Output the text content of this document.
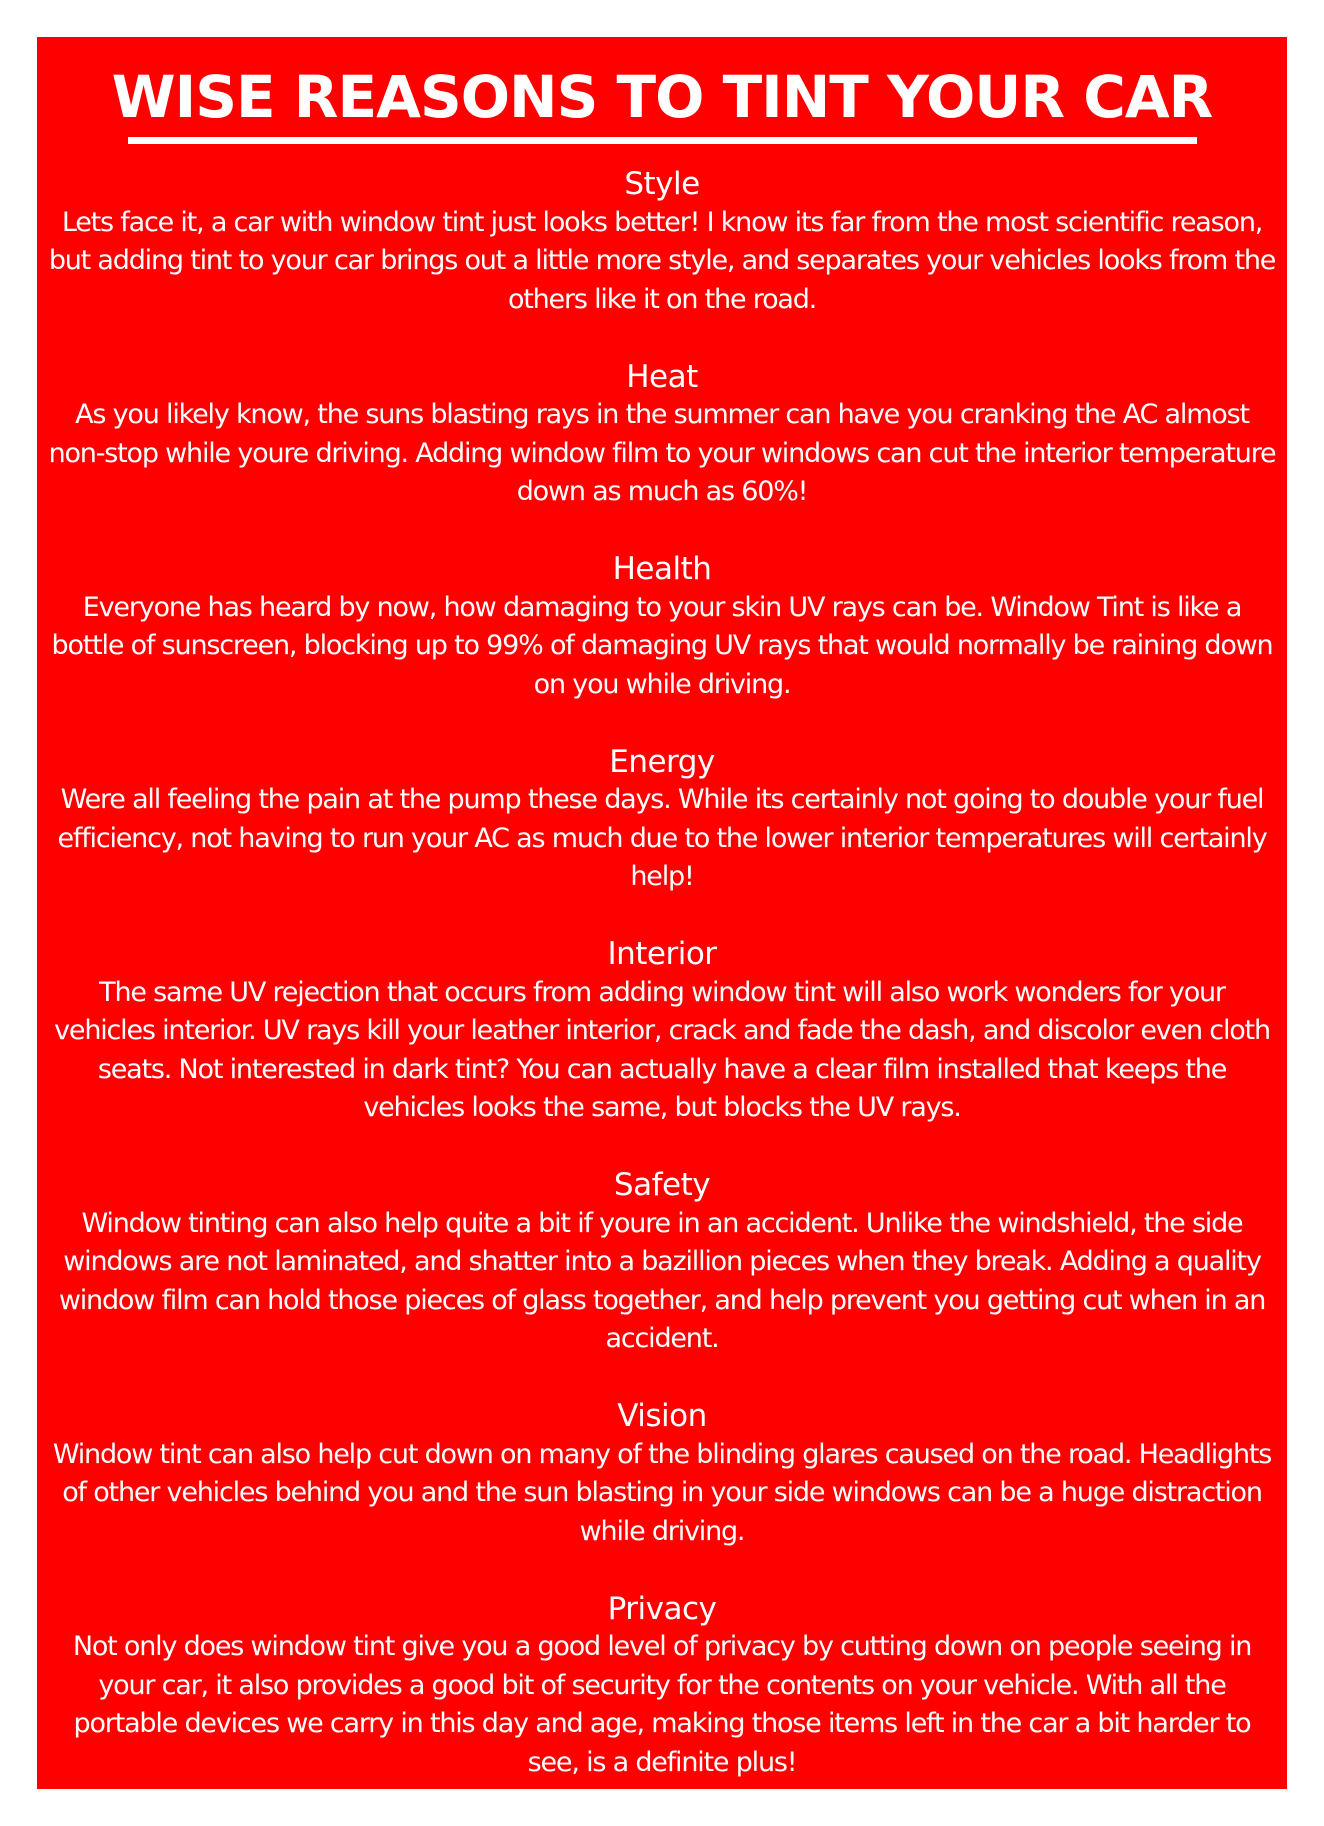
WISE REASONS TO TINT YOUR CAR

Style

Lets face it, a car with window tint just looks better! I know its far from the most scientific reason, but adding tint to your car brings out a little more style, and separates your vehicles looks from the others like it on the road.

Heat

As you likely know, the suns blasting rays in the summer can have you cranking the AC almost non-stop while youre driving. Adding window film to your windows can cut the interior temperature down as much as 60%!

Health

Everyone has heard by now, how damaging to your skin UV rays can be. Window Tint is like a bottle of sunscreen, blocking up to 99% of damaging UV rays that would normally be raining down on you while driving.

Energy

Were all feeling the pain at the pump these days. While its certainly not going to double your fuel efficiency, not having to run your AC as much due to the lower interior temperatures will certainly help!

Interior

The same UV rejection that occurs from adding window tint will also work wonders for your vehicles interior. UV rays kill your leather interior, crack and fade the dash, and discolor even cloth seats. Not interested in dark tint? You can actually have a clear film installed that keeps the vehicles looks the same, but blocks the UV rays.

Safety

Window tinting can also help quite a bit if youre in an accident. Unlike the windshield, the side windows are not laminated, and shatter into a bazillion pieces when they break. Adding a quality window film can hold those pieces of glass together, and help prevent you getting cut when in an accident.

Vision

Window tint can also help cut down on many of the blinding glares caused on the road. Headlights of other vehicles behind you and the sun blasting in your side windows can be a huge distraction while driving.

Privacy

Not only does window tint give you a good level of privacy by cutting down on people seeing in your car, it also provides a good bit of security for the contents on your vehicle. With all the portable devices we carry in this day and age, making those items left in the car a bit harder to see, is a definite plus!
